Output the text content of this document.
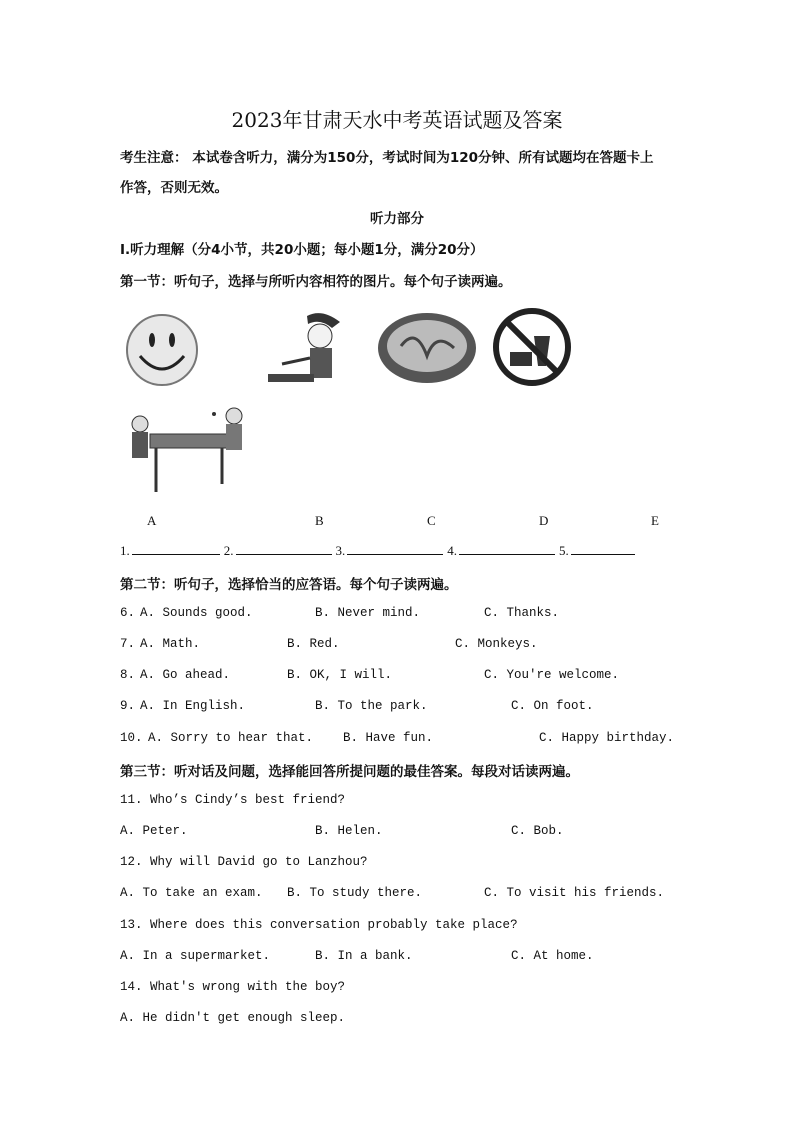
2023年甘肃天水中考英语试题及答案
考生注意： 本试卷含听力，满分为150分，考试时间为120分钟、所有试题均在答题卡上
作答，否则无效。
听力部分
Ⅰ.听力理解（分4小节，共20小题；每小题1分，满分20分）
第一节：听句子，选择与所听内容相符的图片。每个句子读两遍。
A	B	C	D	E
1.	2.	3.	4.	5.
第二节：听句子，选择恰当的应答语。每个句子读两遍。
第三节：听对话及问题，选择能回答所提问题的最佳答案。每段对话读两遍。
6. A. Sounds good.	B. Never mind.	C. Thanks.
7. A. Math.	B. Red.	C. Monkeys.
8. A. Go ahead.	B. OK, I will.	C. You're welcome.
9. A. In English.	B. To the park.	C. On foot.
10. A. Sorry to hear that. B. Have fun.	C. Happy birthday.
11. Who’s Cindy’s best friend?
A. Peter.	B. Helen.	C. Bob.
12. Why will David go to Lanzhou?
A. To take an exam. B. To study there.	C. To visit his friends.
13. Where does this conversation probably take place?
A. In a supermarket.	B. In a bank.	C. At home.
14. What's wrong with the boy?
A. He didn't get enough sleep.
